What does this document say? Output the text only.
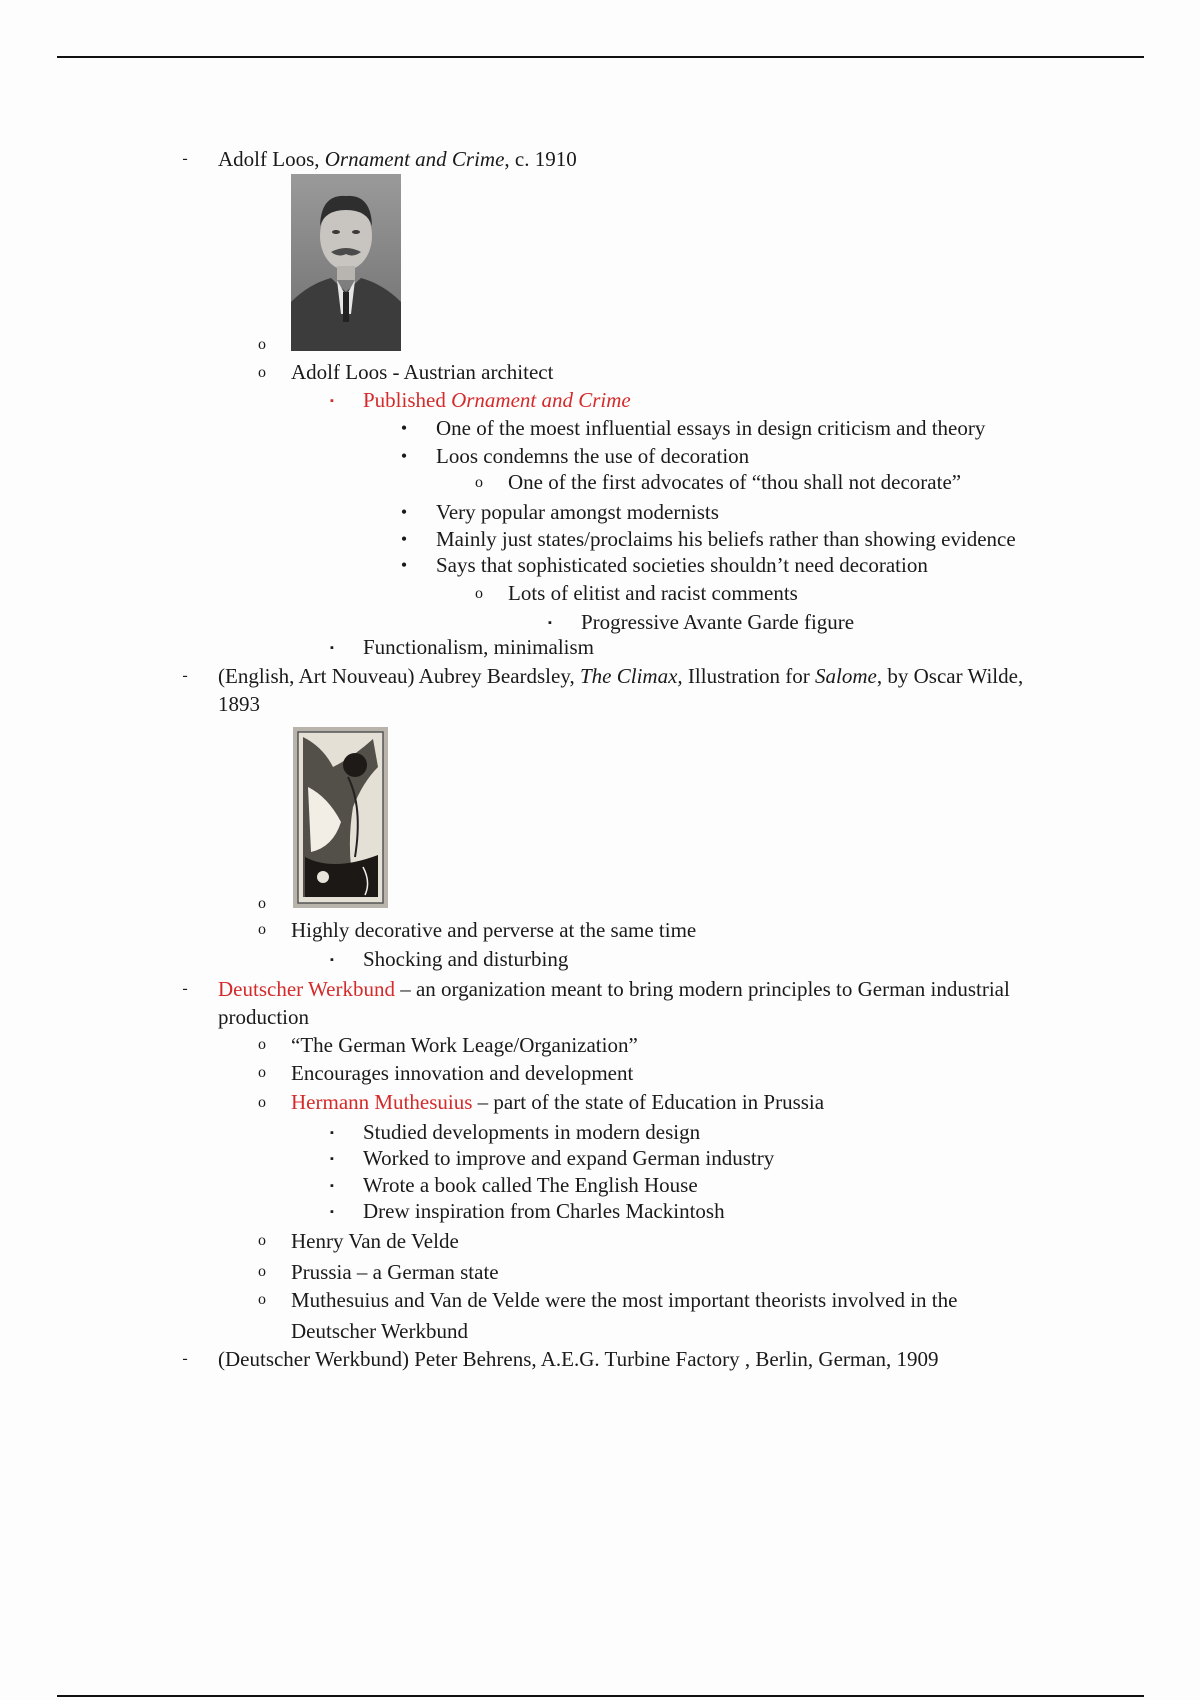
-	Adolf Loos, Ornament and Crime, c. 1910
o
o	Adolf Loos - Austrian architect
▪	Published Ornament and Crime
•	One of the moest influential essays in design criticism and theory
•	Loos condemns the use of decoration
o	One of the first advocates of “thou shall not decorate”
•	Very popular amongst modernists
•	Mainly just states/proclaims his beliefs rather than showing evidence
•	Says that sophisticated societies shouldn’t need decoration
o	Lots of elitist and racist comments
▪	Progressive Avante Garde figure
▪	Functionalism, minimalism
-	(English, Art Nouveau) Aubrey Beardsley, The Climax, Illustration for Salome, by Oscar Wilde,
1893
o
o	Highly decorative and perverse at the same time
▪	Shocking and disturbing
-	Deutscher Werkbund – an organization meant to bring modern principles to German industrial
production
o	“The German Work Leage/Organization”
o	Encourages innovation and development
o	Hermann Muthesuius – part of the state of Education in Prussia
▪	Studied developments in modern design
▪	Worked to improve and expand German industry
▪	Wrote a book called The English House
▪	Drew inspiration from Charles Mackintosh
o	Henry Van de Velde
o	Prussia – a German state
o	Muthesuius and Van de Velde were the most important theorists involved in the
Deutscher Werkbund
-	(Deutscher Werkbund) Peter Behrens, A.E.G. Turbine Factory , Berlin, German, 1909
